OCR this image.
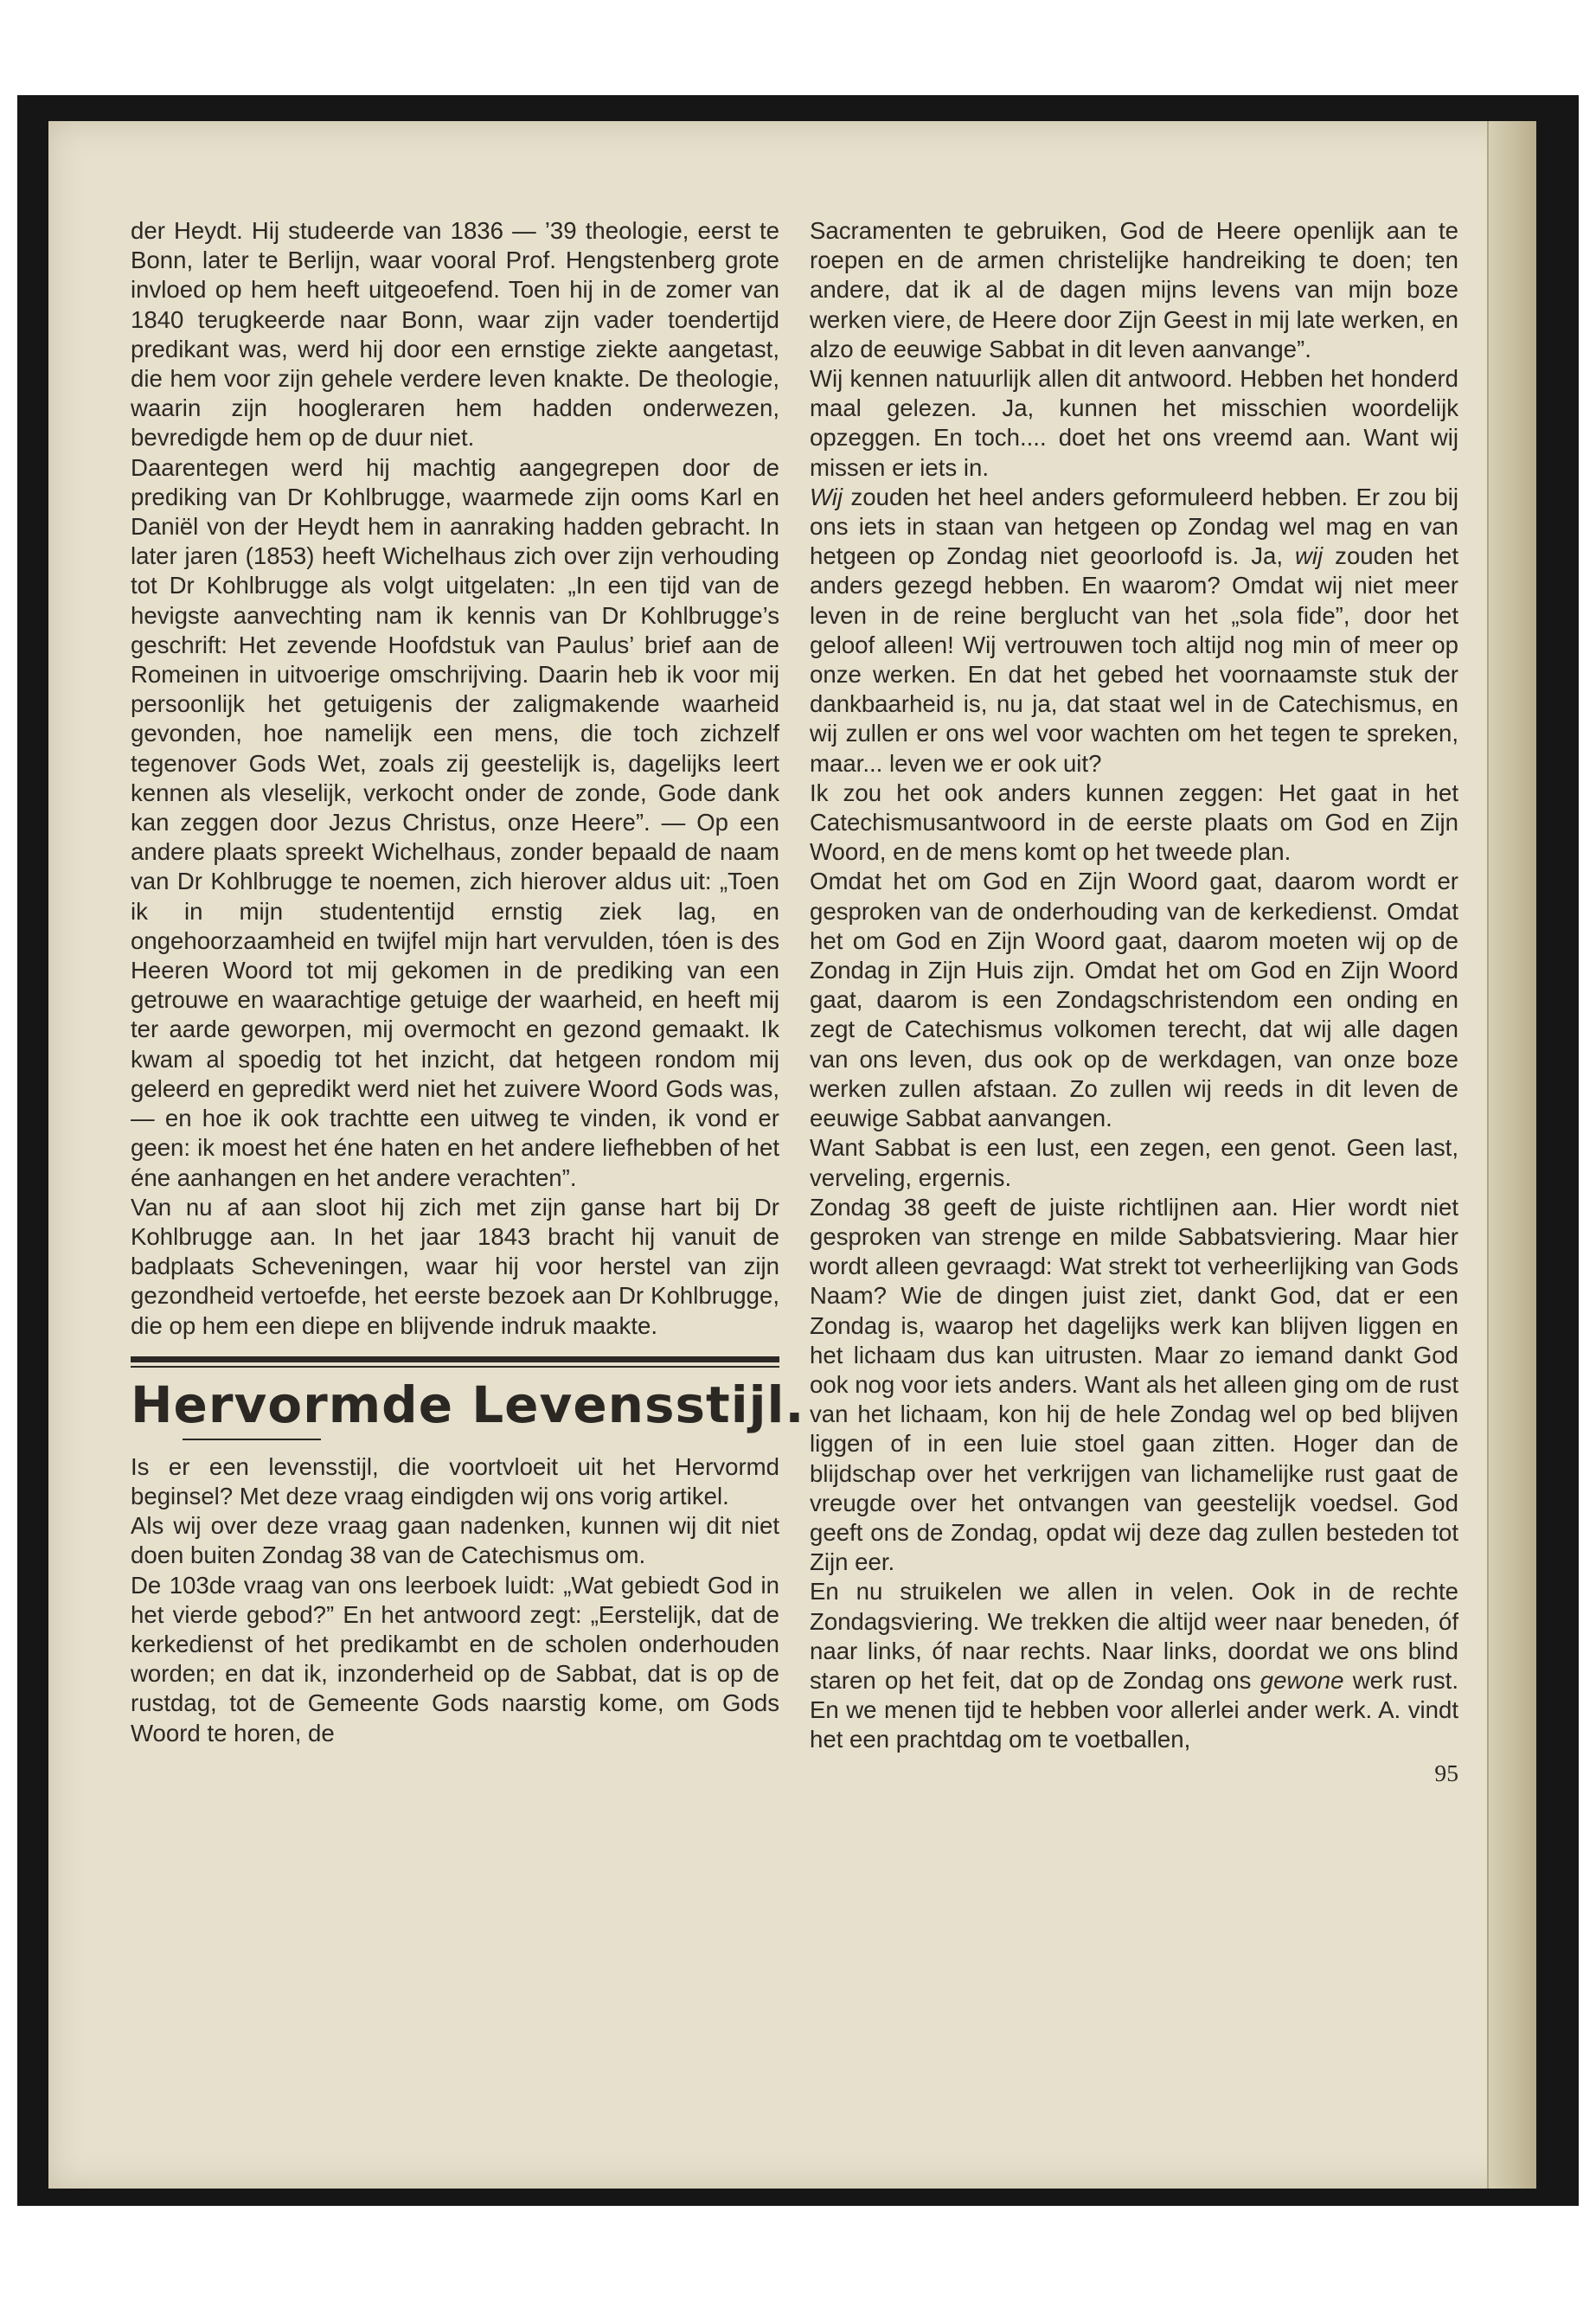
der Heydt. Hij studeerde van 1836 — ’39 theologie, eerst te Bonn, later te Berlijn, waar vooral Prof. Hengstenberg grote invloed op hem heeft uitgeoefend. Toen hij in de zomer van 1840 terugkeerde naar Bonn, waar zijn vader toendertijd predikant was, werd hij door een ernstige ziekte aangetast, die hem voor zijn gehele verdere leven knakte. De theologie, waarin zijn hoogleraren hem hadden onderwezen, bevredigde hem op de duur niet.

Daarentegen werd hij machtig aangegrepen door de prediking van Dr Kohlbrugge, waarmede zijn ooms Karl en Daniël von der Heydt hem in aanraking hadden gebracht. In later jaren (1853) heeft Wichelhaus zich over zijn verhouding tot Dr Kohlbrugge als volgt uitgelaten: „In een tijd van de hevigste aanvechting nam ik kennis van Dr Kohlbrugge’s geschrift: Het zevende Hoofdstuk van Paulus’ brief aan de Romeinen in uitvoerige omschrijving. Daarin heb ik voor mij persoonlijk het getuigenis der zaligmakende waarheid gevonden, hoe namelijk een mens, die toch zichzelf tegenover Gods Wet, zoals zij geestelijk is, dagelijks leert kennen als vleselijk, verkocht onder de zonde, Gode dank kan zeggen door Jezus Christus, onze Heere”. — Op een andere plaats spreekt Wichelhaus, zonder bepaald de naam van Dr Kohlbrugge te noemen, zich hierover aldus uit: „Toen ik in mijn studententijd ernstig ziek lag, en ongehoorzaamheid en twijfel mijn hart vervulden, tóen is des Heeren Woord tot mij gekomen in de prediking van een getrouwe en waarachtige getuige der waarheid, en heeft mij ter aarde geworpen, mij overmocht en gezond gemaakt. Ik kwam al spoedig tot het inzicht, dat hetgeen rondom mij geleerd en gepredikt werd niet het zuivere Woord Gods was, — en hoe ik ook trachtte een uitweg te vinden, ik vond er geen: ik moest het éne haten en het andere liefhebben of het éne aanhangen en het andere verachten”.

Van nu af aan sloot hij zich met zijn ganse hart bij Dr Kohlbrugge aan. In het jaar 1843 bracht hij vanuit de badplaats Scheveningen, waar hij voor herstel van zijn gezondheid vertoefde, het eerste bezoek aan Dr Kohlbrugge, die op hem een diepe en blijvende indruk maakte.

Hervormde Levensstijl.

Is er een levensstijl, die voortvloeit uit het Hervormd beginsel? Met deze vraag eindigden wij ons vorig artikel.

Als wij over deze vraag gaan nadenken, kunnen wij dit niet doen buiten Zondag 38 van de Catechismus om.

De 103de vraag van ons leerboek luidt: „Wat gebiedt God in het vierde gebod?” En het antwoord zegt: „Eerstelijk, dat de kerkedienst of het predikambt en de scholen onderhouden worden; en dat ik, inzonderheid op de Sabbat, dat is op de rustdag, tot de Gemeente Gods naarstig kome, om Gods Woord te horen, de

Sacramenten te gebruiken, God de Heere openlijk aan te roepen en de armen christelijke handreiking te doen; ten andere, dat ik al de dagen mijns levens van mijn boze werken viere, de Heere door Zijn Geest in mij late werken, en alzo de eeuwige Sabbat in dit leven aanvange”.

Wij kennen natuurlijk allen dit antwoord. Hebben het honderd maal gelezen. Ja, kunnen het misschien woordelijk opzeggen. En toch.... doet het ons vreemd aan. Want wij missen er iets in.

Wij zouden het heel anders geformuleerd hebben. Er zou bij ons iets in staan van hetgeen op Zondag wel mag en van hetgeen op Zondag niet geoorloofd is. Ja, wij zouden het anders gezegd hebben. En waarom? Omdat wij niet meer leven in de reine berglucht van het „sola fide”, door het geloof alleen! Wij vertrouwen toch altijd nog min of meer op onze werken. En dat het gebed het voornaamste stuk der dankbaarheid is, nu ja, dat staat wel in de Catechismus, en wij zullen er ons wel voor wachten om het tegen te spreken, maar... leven we er ook uit?

Ik zou het ook anders kunnen zeggen: Het gaat in het Catechismusantwoord in de eerste plaats om God en Zijn Woord, en de mens komt op het tweede plan.

Omdat het om God en Zijn Woord gaat, daarom wordt er gesproken van de onderhouding van de kerkedienst. Omdat het om God en Zijn Woord gaat, daarom moeten wij op de Zondag in Zijn Huis zijn. Omdat het om God en Zijn Woord gaat, daarom is een Zondagschristendom een onding en zegt de Catechismus volkomen terecht, dat wij alle dagen van ons leven, dus ook op de werkdagen, van onze boze werken zullen afstaan. Zo zullen wij reeds in dit leven de eeuwige Sabbat aanvangen.

Want Sabbat is een lust, een zegen, een genot. Geen last, verveling, ergernis.

Zondag 38 geeft de juiste richtlijnen aan. Hier wordt niet gesproken van strenge en milde Sabbatsviering. Maar hier wordt alleen gevraagd: Wat strekt tot verheerlijking van Gods Naam? Wie de dingen juist ziet, dankt God, dat er een Zondag is, waarop het dagelijks werk kan blijven liggen en het lichaam dus kan uitrusten. Maar zo iemand dankt God ook nog voor iets anders. Want als het alleen ging om de rust van het lichaam, kon hij de hele Zondag wel op bed blijven liggen of in een luie stoel gaan zitten. Hoger dan de blijdschap over het verkrijgen van lichamelijke rust gaat de vreugde over het ontvangen van geestelijk voedsel. God geeft ons de Zondag, opdat wij deze dag zullen besteden tot Zijn eer.

En nu struikelen we allen in velen. Ook in de rechte Zondagsviering. We trekken die altijd weer naar beneden, óf naar links, óf naar rechts. Naar links, doordat we ons blind staren op het feit, dat op de Zondag ons gewone werk rust. En we menen tijd te hebben voor allerlei ander werk. A. vindt het een prachtdag om te voetballen,

95
